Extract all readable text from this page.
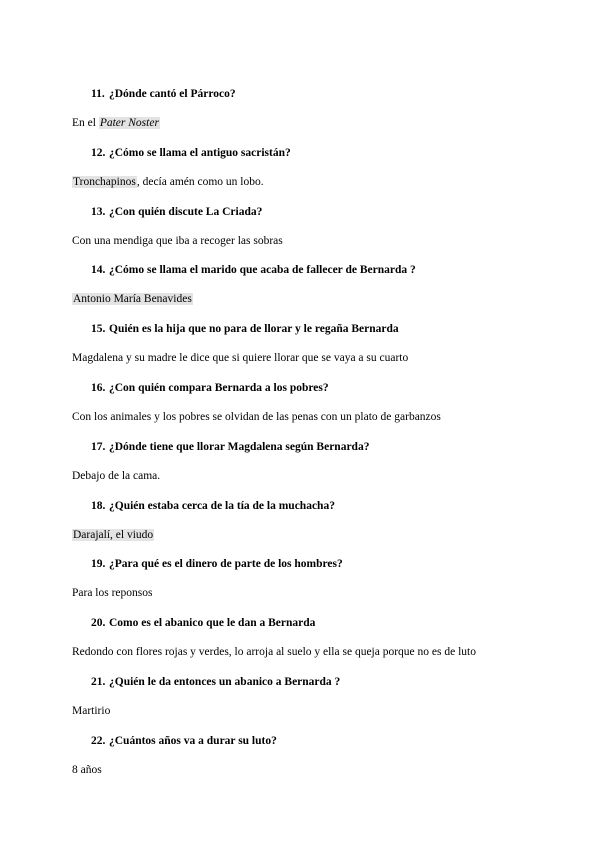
11. ¿Dónde cantó el Párroco?
En el Pater Noster
12. ¿Cómo se llama el antiguo sacristán?
Tronchapinos, decía amén como un lobo.
13. ¿Con quién discute La Criada?
Con una mendiga que iba a recoger las sobras
14. ¿Cómo se llama el marido que acaba de fallecer de Bernarda ?
Antonio María Benavides
15. Quién es la hija que no para de llorar y le regaña Bernarda
Magdalena y su madre le dice que si quiere llorar que se vaya a su cuarto
16. ¿Con quién compara Bernarda a los pobres?
Con los animales y los pobres se olvidan de las penas con un plato de garbanzos
17. ¿Dónde tiene que llorar Magdalena según Bernarda?
Debajo de la cama.
18. ¿Quién estaba cerca de la tía de la muchacha?
Darajalí, el viudo
19. ¿Para qué es el dinero de parte de los hombres?
Para los reponsos
20. Como es el abanico que le dan a Bernarda
Redondo con flores rojas y verdes, lo arroja al suelo y ella se queja porque no es de luto
21. ¿Quién le da entonces un abanico a Bernarda ?
Martirio
22. ¿Cuántos años va a durar su luto?
8 años
